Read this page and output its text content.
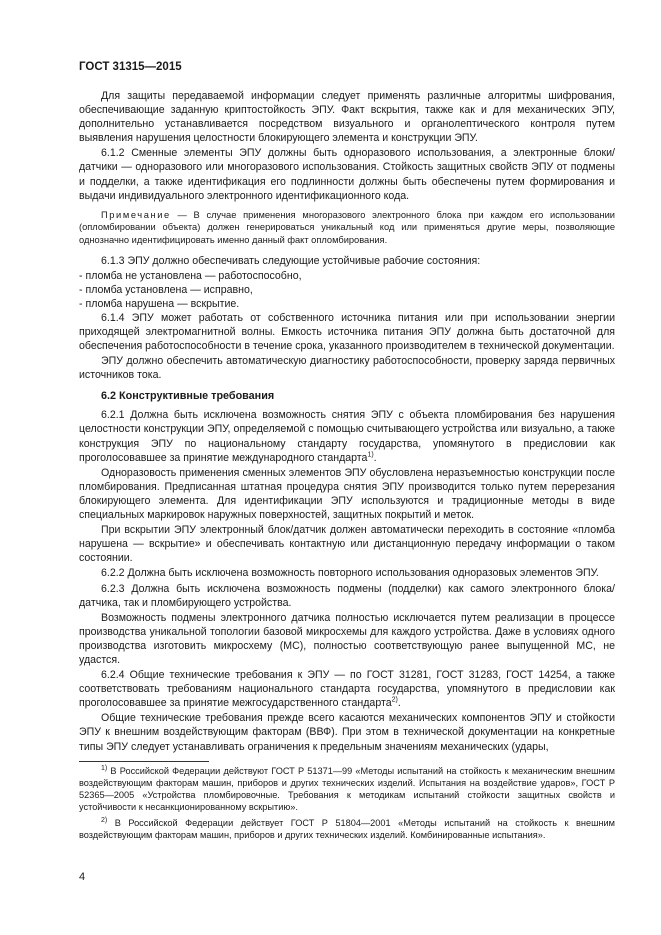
ГОСТ 31315—2015

Для защиты передаваемой информации следует применять различные алгоритмы шифрования, обеспечивающие заданную криптостойкость ЭПУ. Факт вскрытия, также как и для механических ЭПУ, дополнительно устанавливается посредством визуального и органолептического контроля путем выявления нарушения целостности блокирующего элемента и конструкции ЭПУ.

6.1.2 Сменные элементы ЭПУ должны быть одноразового использования, а электронные блоки/датчики — одноразового или многоразового использования. Стойкость защитных свойств ЭПУ от подмены и подделки, а также идентификация его подлинности должны быть обеспечены путем формирования и выдачи индивидуального электронного идентификационного кода.

Примечание — В случае применения многоразового электронного блока при каждом его использовании (опломбировании объекта) должен генерироваться уникальный код или применяться другие меры, позволяющие однозначно идентифицировать именно данный факт опломбирования.

6.1.3 ЭПУ должно обеспечивать следующие устойчивые рабочие состояния:

- пломба не установлена — работоспособно,
- пломба установлена — исправно,
- пломба нарушена — вскрытие.

6.1.4 ЭПУ может работать от собственного источника питания или при использовании энергии приходящей электромагнитной волны. Емкость источника питания ЭПУ должна быть достаточной для обеспечения работоспособности в течение срока, указанного производителем в технической документации.

ЭПУ должно обеспечить автоматическую диагностику работоспособности, проверку заряда первичных источников тока.

6.2 Конструктивные требования

6.2.1 Должна быть исключена возможность снятия ЭПУ с объекта пломбирования без нарушения целостности конструкции ЭПУ, определяемой с помощью считывающего устройства или визуально, а также конструкция ЭПУ по национальному стандарту государства, упомянутого в предисловии как проголосовавшее за принятие международного стандарта$^{1)}$.

Одноразовость применения сменных элементов ЭПУ обусловлена неразъемностью конструкции после пломбирования. Предписанная штатная процедура снятия ЭПУ производится только путем перерезания блокирующего элемента. Для идентификации ЭПУ используются и традиционные методы в виде специальных маркировок наружных поверхностей, защитных покрытий и меток.

При вскрытии ЭПУ электронный блок/датчик должен автоматически переходить в состояние «пломба нарушена — вскрытие» и обеспечивать контактную или дистанционную передачу информации о таком состоянии.

6.2.2 Должна быть исключена возможность повторного использования одноразовых элементов ЭПУ.

6.2.3 Должна быть исключена возможность подмены (подделки) как самого электронного блока/датчика, так и пломбирующего устройства.

Возможность подмены электронного датчика полностью исключается путем реализации в процессе производства уникальной топологии базовой микросхемы для каждого устройства. Даже в условиях одного производства изготовить микросхему (МС), полностью соответствующую ранее выпущенной МС, не удастся.

6.2.4 Общие технические требования к ЭПУ — по ГОСТ 31281, ГОСТ 31283, ГОСТ 14254, а также соответствовать требованиям национального стандарта государства, упомянутого в предисловии как проголосовавшее за принятие межгосударственного стандарта$^{2)}$.

Общие технические требования прежде всего касаются механических компонентов ЭПУ и стойкости ЭПУ к внешним воздействующим факторам (ВВФ). При этом в технической документации на конкретные типы ЭПУ следует устанавливать ограничения к предельным значениям механических (удары,

$^{1)}$ В Российской Федерации действуют ГОСТ Р 51371—99 «Методы испытаний на стойкость к механическим внешним воздействующим факторам машин, приборов и других технических изделий. Испытания на воздействие ударов», ГОСТ Р 52365—2005 «Устройства пломбировочные. Требования к методикам испытаний стойкости защитных свойств и устойчивости к несанкционированному вскрытию».

$^{2)}$ В Российской Федерации действует ГОСТ Р 51804—2001 «Методы испытаний на стойкость к внешним воздействующим факторам машин, приборов и других технических изделий. Комбинированные испытания».

4
